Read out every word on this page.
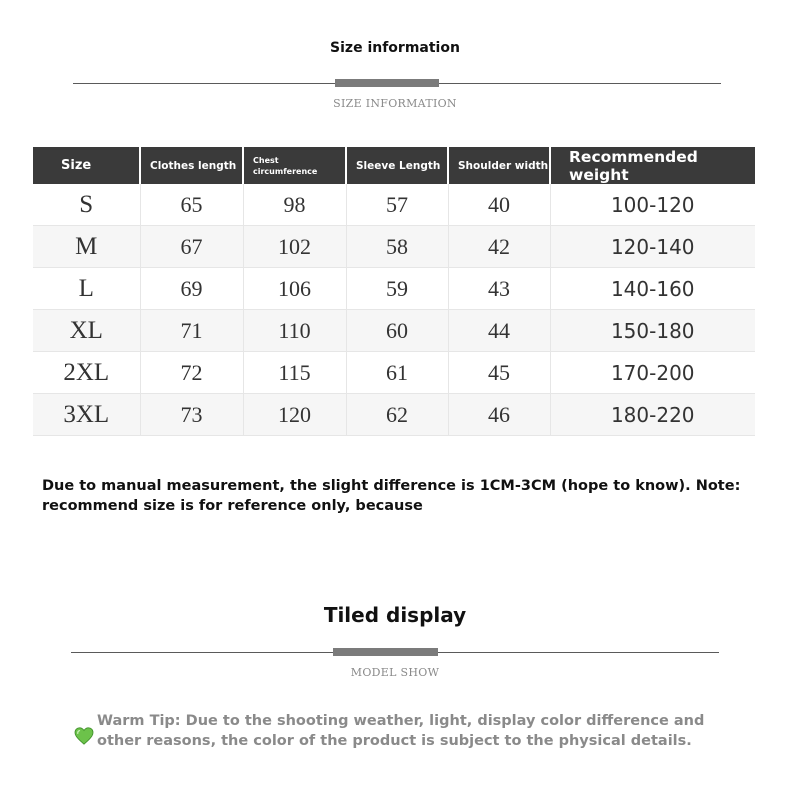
Size information
SIZE INFORMATION
Size	Clothes length	Chest circumference	Sleeve Length	Shoulder width	Recommended weight
S	65	98	57	40	100-120
M	67	102	58	42	120-140
L	69	106	59	43	140-160
XL	71	110	60	44	150-180
2XL	72	115	61	45	170-200
3XL	73	120	62	46	180-220
Due to manual measurement, the slight difference is 1CM-3CM (hope to know). Note: recommend size is for reference only, because
Tiled display
MODEL SHOW
Warm Tip: Due to the shooting weather, light, display color difference and other reasons, the color of the product is subject to the physical details.
